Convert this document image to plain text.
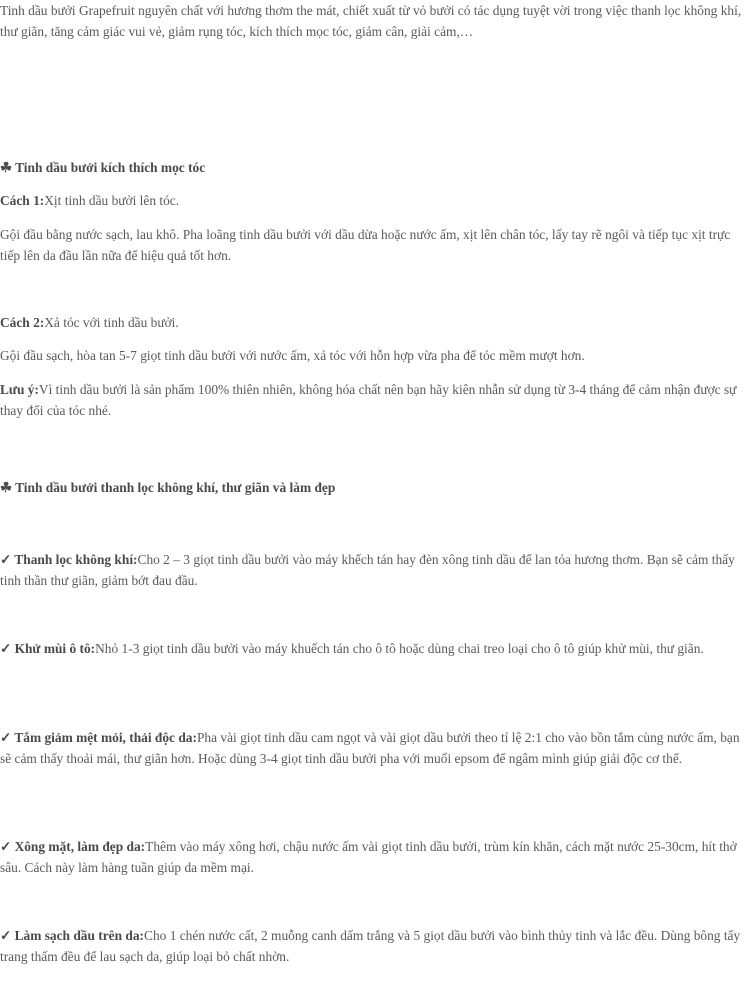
Tinh dầu bưởi Grapefruit nguyên chất với hương thơm the mát, chiết xuất từ vỏ bưởi có tác dụng tuyệt vời trong việc thanh lọc không khí, thư giãn, tăng cảm giác vui vẻ, giảm rụng tóc, kích thích mọc tóc, giảm cân, giải cảm,…

☘ Tinh dầu bưởi kích thích mọc tóc

Cách 1:Xịt tinh dầu bưởi lên tóc.

Gội đầu bằng nước sạch, lau khô. Pha loãng tinh dầu bưởi với dầu dừa hoặc nước ấm, xịt lên chân tóc, lấy tay rẽ ngôi và tiếp tục xịt trực tiếp lên da đầu lần nữa để hiệu quả tốt hơn.

Cách 2:Xả tóc với tinh dầu bưởi.

Gội đầu sạch, hòa tan 5-7 giọt tinh dầu bưởi với nước ấm, xả tóc với hỗn hợp vừa pha để tóc mềm mượt hơn.

Lưu ý:Vì tinh dầu bưởi là sản phẩm 100% thiên nhiên, không hóa chất nên bạn hãy kiên nhẫn sử dụng từ 3-4 tháng để cảm nhận được sự thay đổi của tóc nhé.

☘ Tinh dầu bưởi thanh lọc không khí, thư giãn và làm đẹp

✓ Thanh lọc không khí:Cho 2 – 3 giọt tinh dầu bưởi vào máy khếch tán hay đèn xông tinh dầu để lan tỏa hương thơm. Bạn sẽ cảm thấy tinh thần thư giãn, giảm bớt đau đầu.

✓ Khử mùi ô tô:Nhỏ 1-3 giọt tinh dầu bưởi vào máy khuếch tán cho ô tô hoặc dùng chai treo loại cho ô tô giúp khử mùi, thư giãn.

✓ Tắm giảm mệt mỏi, thải độc da:Pha vài giọt tinh dầu cam ngọt và vài giọt dầu bưởi theo tỉ lệ 2:1 cho vào bồn tắm cùng nước ấm, bạn sẽ cảm thấy thoải mái, thư giãn hơn. Hoặc dùng 3-4 giọt tinh dầu bưởi pha với muối epsom để ngâm mình giúp giải độc cơ thể.

✓ Xông mặt, làm đẹp da:Thêm vào máy xông hơi, chậu nước ấm vài giọt tinh dầu bưởi, trùm kín khăn, cách mặt nước 25-30cm, hít thở sâu. Cách này làm hàng tuần giúp da mềm mại.

✓ Làm sạch dầu trên da:Cho 1 chén nước cất, 2 muỗng canh dấm trắng và 5 giọt dầu bưởi vào bình thủy tinh và lắc đều. Dùng bông tẩy trang thấm đều để lau sạch da, giúp loại bỏ chất nhờn.
